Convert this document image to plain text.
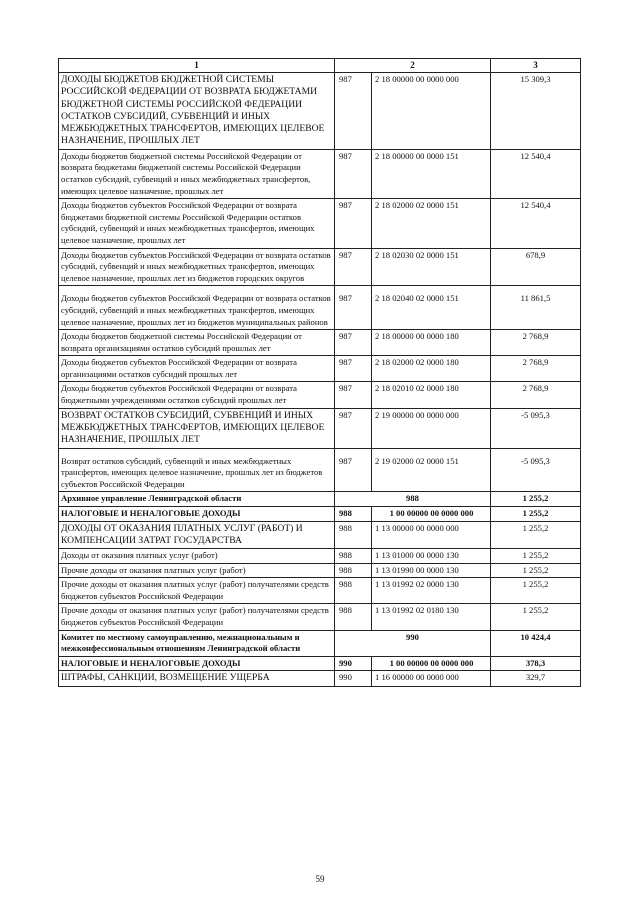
1	2		3
ДОХОДЫ БЮДЖЕТОВ БЮДЖЕТНОЙ СИСТЕМЫ РОССИЙСКОЙ ФЕДЕРАЦИИ ОТ ВОЗВРАТА БЮДЖЕТАМИ БЮДЖЕТНОЙ СИСТЕМЫ РОССИЙСКОЙ ФЕДЕРАЦИИ ОСТАТКОВ СУБСИДИЙ, СУБВЕНЦИЙ И ИНЫХ МЕЖБЮДЖЕТНЫХ ТРАНСФЕРТОВ, ИМЕЮЩИХ ЦЕЛЕВОЕ НАЗНАЧЕНИЕ, ПРОШЛЫХ ЛЕТ	987	2 18 00000 00 0000 000	15 309,3
Доходы бюджетов бюджетной системы Российской Федерации от возврата бюджетами бюджетной системы Российской Федерации остатков субсидий, субвенций и иных межбюджетных трансфертов, имеющих целевое назначение, прошлых лет	987	2 18 00000 00 0000 151	12 540,4
Доходы бюджетов субъектов Российской Федерации от возврата бюджетами бюджетной системы Российской Федерации остатков субсидий, субвенций и иных межбюджетных трансфертов, имеющих целевое назначение, прошлых лет	987	2 18 02000 02 0000 151	12 540,4
Доходы бюджетов субъектов Российской Федерации от возврата остатков субсидий, субвенций и иных межбюджетных трансфертов, имеющих целевое назначение, прошлых лет из бюджетов городских округов	987	2 18 02030 02 0000 151	678,9
Доходы бюджетов субъектов Российской Федерации от возврата остатков субсидий, субвенций и иных межбюджетных трансфертов, имеющих целевое назначение, прошлых лет из бюджетов муниципальных районов	987	2 18 02040 02 0000 151	11 861,5
Доходы бюджетов бюджетной системы Российской Федерации от возврата организациями остатков субсидий прошлых лет	987	2 18 00000 00 0000 180	2 768,9
Доходы бюджетов субъектов Российской Федерации от возврата организациями остатков субсидий прошлых лет	987	2 18 02000 02 0000 180	2 768,9
Доходы бюджетов субъектов Российской Федерации от возврата бюджетными учреждениями остатков субсидий прошлых лет	987	2 18 02010 02 0000 180	2 768,9
ВОЗВРАТ ОСТАТКОВ СУБСИДИЙ, СУБВЕНЦИЙ И ИНЫХ МЕЖБЮДЖЕТНЫХ ТРАНСФЕРТОВ, ИМЕЮЩИХ ЦЕЛЕВОЕ НАЗНАЧЕНИЕ, ПРОШЛЫХ ЛЕТ	987	2 19 00000 00 0000 000	-5 095,3
Возврат остатков субсидий, субвенций и иных межбюджетных трансфертов, имеющих целевое назначение, прошлых лет из бюджетов субъектов Российской Федерации	987	2 19 02000 02 0000 151	-5 095,3
Архивное управление Ленинградской области	988		1 255,2
НАЛОГОВЫЕ И НЕНАЛОГОВЫЕ ДОХОДЫ	988	1 00 00000 00 0000 000	1 255,2
ДОХОДЫ ОТ ОКАЗАНИЯ ПЛАТНЫХ УСЛУГ (РАБОТ) И КОМПЕНСАЦИИ ЗАТРАТ ГОСУДАРСТВА	988	1 13 00000 00 0000 000	1 255,2
Доходы от оказания платных услуг (работ)	988	1 13 01000 00 0000 130	1 255,2
Прочие доходы от оказания платных услуг (работ)	988	1 13 01990 00 0000 130	1 255,2
Прочие доходы от оказания платных услуг (работ) получателями средств бюджетов субъектов Российской Федерации	988	1 13 01992 02 0000 130	1 255,2
Прочие доходы от оказания платных услуг (работ) получателями средств бюджетов субъектов Российской Федерации	988	1 13 01992 02 0180 130	1 255,2
Комитет по местному самоуправлению, межнациональным и межконфессиональным отношениям Ленинградской области	990		10 424,4
НАЛОГОВЫЕ И НЕНАЛОГОВЫЕ ДОХОДЫ	990	1 00 00000 00 0000 000	378,3
ШТРАФЫ, САНКЦИИ, ВОЗМЕЩЕНИЕ УЩЕРБА	990	1 16 00000 00 0000 000	329,7
59
